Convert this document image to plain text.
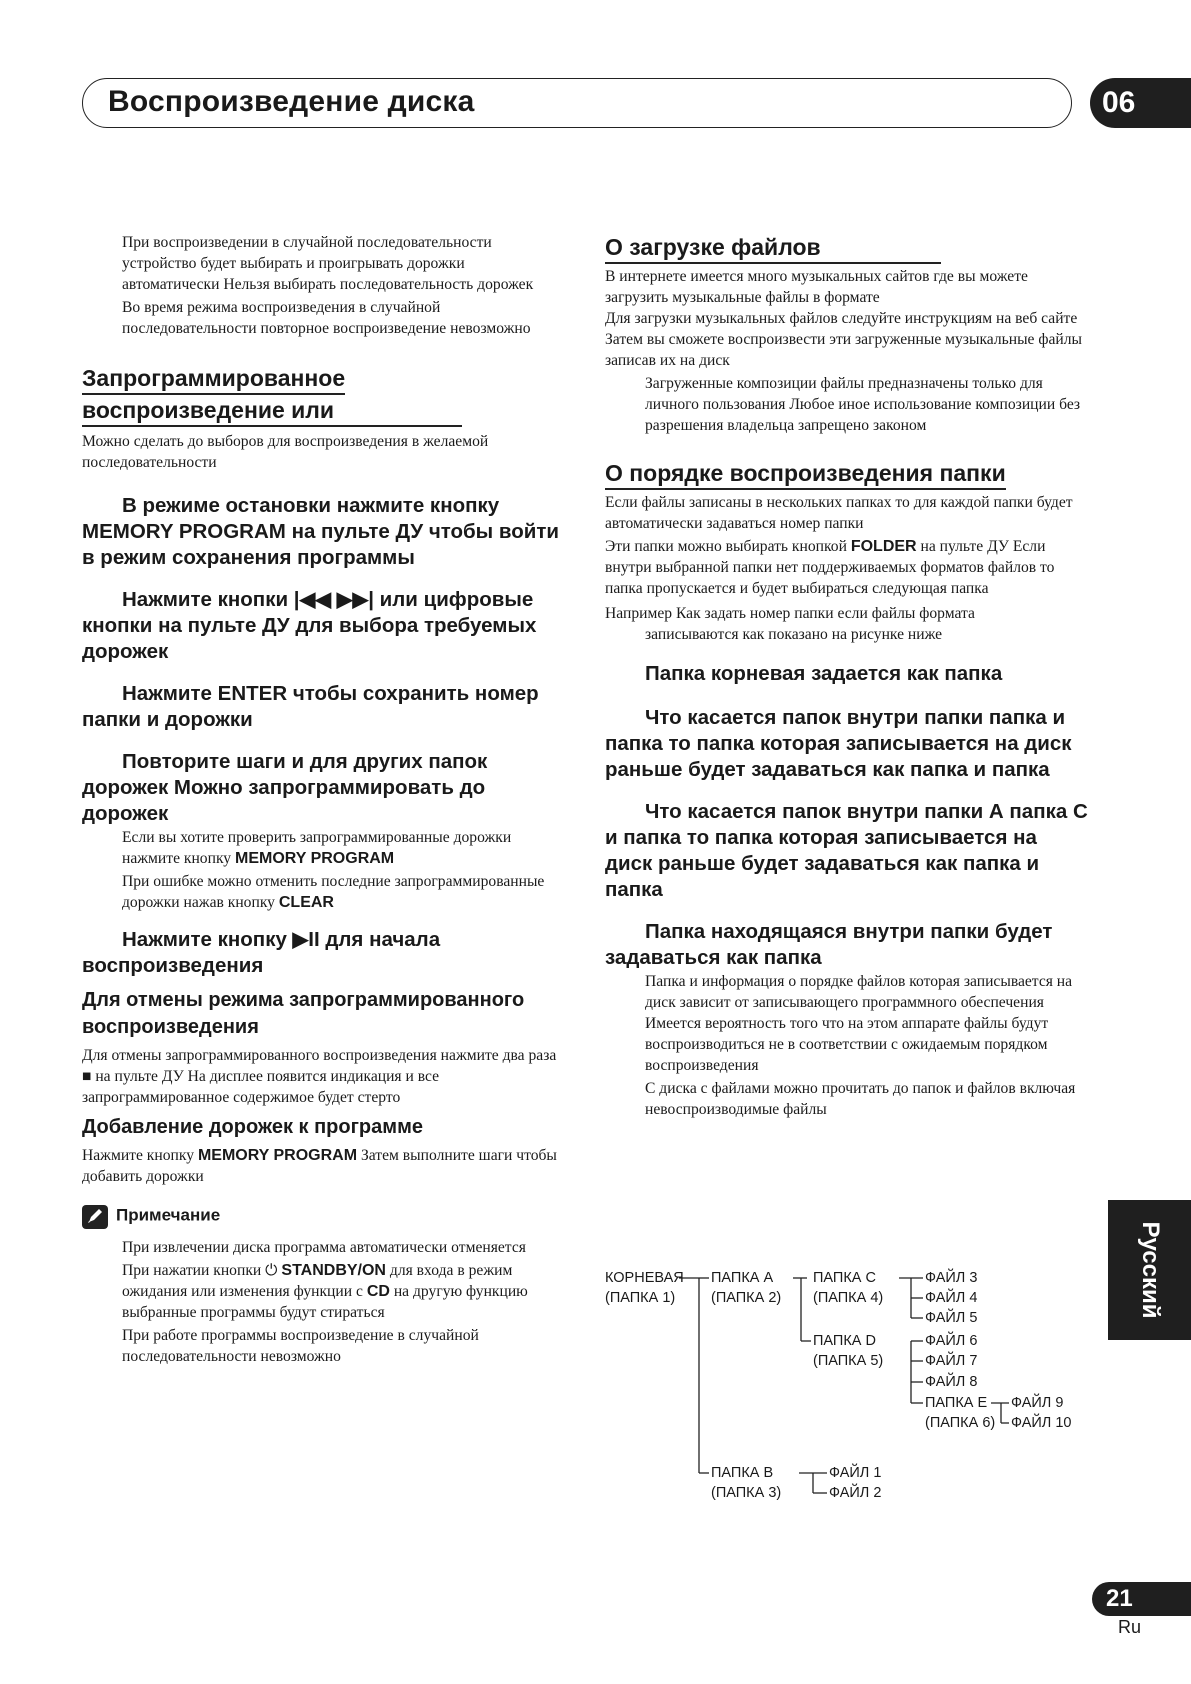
Воспроизведение диска	06

При воспроизведении в случайной последовательности устройство будет выбирать и проигрывать дорожки автоматически Нельзя выбирать последовательность дорожек

Во время режима воспроизведения в случайной последовательности повторное воспроизведение невозможно

Запрограммированное
воспроизведение или

Можно сделать до выборов для воспроизведения в желаемой последовательности

В режиме остановки нажмите кнопку MEMORY PROGRAM на пульте ДУ чтобы войти в режим сохранения программы

Нажмите кнопки |◀◀ ▶▶| или цифровые кнопки на пульте ДУ для выбора требуемых дорожек

Нажмите ENTER чтобы сохранить номер папки и дорожки

Повторите шаги и для других папок дорожек Можно запрограммировать до дорожек

Если вы хотите проверить запрограммированные дорожки нажмите кнопку MEMORY PROGRAM

При ошибке можно отменить последние запрограммированные дорожки нажав кнопку CLEAR

Нажмите кнопку ▶II для начала воспроизведения

Для отмены режима запрограммированного воспроизведения

Для отмены запрограммированного воспроизведения нажмите два раза ■ на пульте ДУ На дисплее появится индикация и все запрограммированное содержимое будет стерто

Добавление дорожек к программе

Нажмите кнопку MEMORY PROGRAM Затем выполните шаги чтобы добавить дорожки

Примечание

При извлечении диска программа автоматически отменяется

При нажатии кнопки ⏻ STANDBY/ON для входа в режим ожидания или изменения функции с CD на другую функцию выбранные программы будут стираться

При работе программы воспроизведение в случайной последовательности невозможно

О загрузке файлов

В интернете имеется много музыкальных сайтов где вы можете загрузить музыкальные файлы в формате

Для загрузки музыкальных файлов следуйте инструкциям на веб сайте Затем вы сможете воспроизвести эти загруженные музыкальные файлы записав их на диск

Загруженные композиции файлы предназначены только для личного пользования Любое иное использование композиции без разрешения владельца запрещено законом

О порядке воспроизведения папки

Если файлы записаны в нескольких папках то для каждой папки будет автоматически задаваться номер папки

Эти папки можно выбирать кнопкой FOLDER на пульте ДУ Если внутри выбранной папки нет поддерживаемых форматов файлов то папка пропускается и будет выбираться следующая папка

Например Как задать номер папки если файлы формата

записываются как показано на рисунке ниже

Папка корневая задается как папка

Что касается папок внутри папки папка и папка то папка которая записывается на диск раньше будет задаваться как папка и папка

Что касается папок внутри папки А папка С и папка то папка которая записывается на диск раньше будет задаваться как папка и папка

Папка находящаяся внутри папки будет задаваться как папка

Папка и информация о порядке файлов которая записывается на диск зависит от записывающего программного обеспечения Имеется вероятность того что на этом аппарате файлы будут воспроизводиться не в соответствии с ожидаемым порядком воспроизведения

С диска с файлами можно прочитать до папок и файлов включая невоспроизводимые файлы

КОРНЕВАЯ
(ПАПКА 1)
ПАПКА A
(ПАПКА 2)
ПАПКА C
(ПАПКА 4)
ФАЙЛ 3
ФАЙЛ 4
ФАЙЛ 5
ПАПКА D
(ПАПКА 5)
ФАЙЛ 6
ФАЙЛ 7
ФАЙЛ 8
ПАПКА E
(ПАПКА 6)
ФАЙЛ 9
ФАЙЛ 10
ПАПКА B
(ПАПКА 3)
ФАЙЛ 1
ФАЙЛ 2
Русский
21
Ru
